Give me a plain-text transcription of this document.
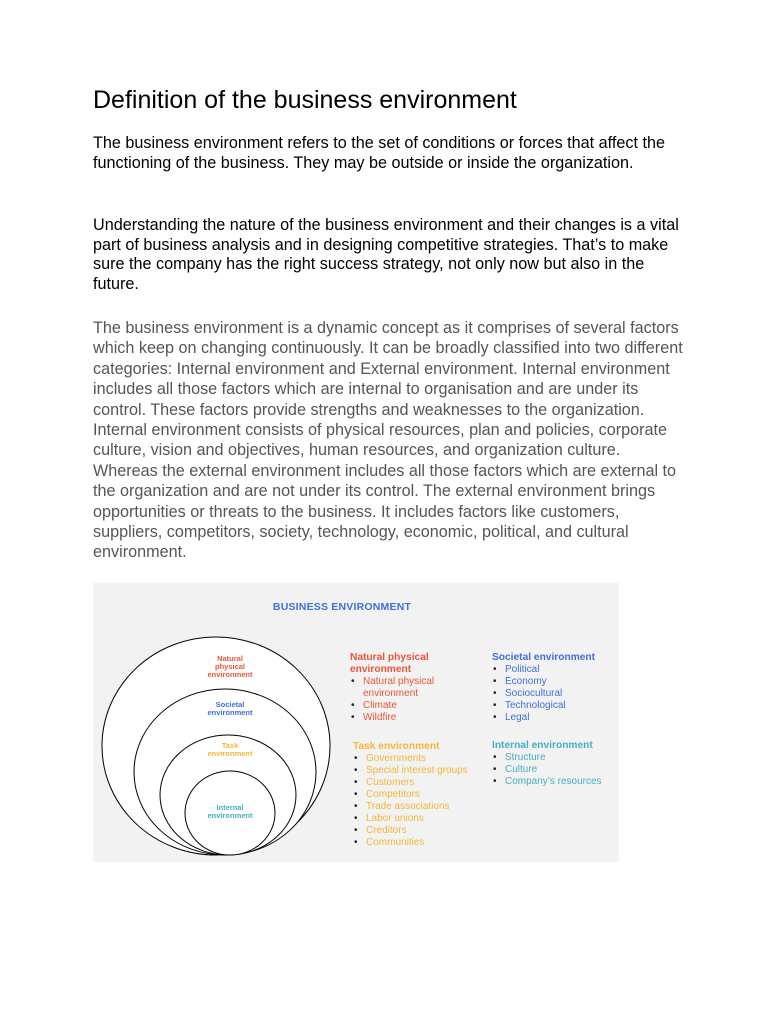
Definition of the business environment

The business environment refers to the set of conditions or forces that affect the functioning of the business. They may be outside or inside the organization.

Understanding the nature of the business environment and their changes is a vital part of business analysis and in designing competitive strategies. That’s to make sure the company has the right success strategy, not only now but also in the future.

The business environment is a dynamic concept as it comprises of several factors which keep on changing continuously. It can be broadly classified into two different categories: Internal environment and External environment. Internal environment includes all those factors which are internal to organisation and are under its control. These factors provide strengths and weaknesses to the organization. Internal environment consists of physical resources, plan and policies, corporate culture, vision and objectives, human resources, and organization culture. Whereas the external environment includes all those factors which are external to the organization and are not under its control. The external environment brings opportunities or threats to the business. It includes factors like customers, suppliers, competitors, society, technology, economic, political, and cultural environment.

BUSINESS ENVIRONMENT
Natural
physical
environment
Societal
environment
Task
environment
Internal
environment
Natural physical
environment
• Natural physical environment
• Climate
• Wildfire
Societal environment
• Political
• Economy
• Sociocultural
• Technological
• Legal
Task environment
• Governments
• Special interest groups
• Customers
• Competitors
• Trade associations
• Labor unions
• Creditors
• Communities
Internal environment
• Structure
• Culture
• Company’s resources
